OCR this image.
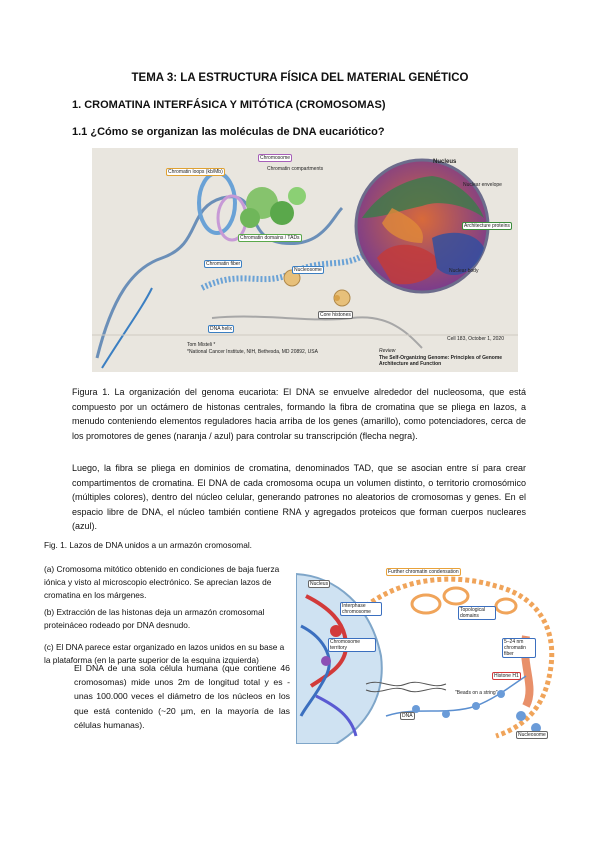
TEMA 3: LA ESTRUCTURA FÍSICA DEL MATERIAL GENÉTICO
1. CROMATINA INTERFÁSICA Y MITÓTICA (CROMOSOMAS)
1.1 ¿Cómo se organizan las moléculas de DNA eucariótico?
Chromosome
Chromatin compartments
Nucleus
Nuclear envelope
Architecture proteins
Nuclear body
Chromatin loops (kb/Mb)
Chromatin domains / TADs
Chromatin fiber
Nucleosome
Core histones
DNA helix
Tom Misteli *
*National Cancer Institute, NIH, Bethesda, MD 20892, USA
Cell 183, October 1, 2020
Review
The Self-Organizing Genome: Principles of Genome Architecture and Function
Figura 1. La organización del genoma eucariota: El DNA se envuelve alrededor del nucleosoma, que está compuesto por un octámero de histonas centrales, formando la fibra de cromatina que se pliega en lazos, a menudo conteniendo elementos reguladores hacia arriba de los genes (amarillo), como potenciadores, cerca de los promotores de genes (naranja / azul) para controlar su transcripción (flecha negra).
Luego, la fibra se pliega en dominios de cromatina, denominados TAD, que se asocian entre sí para crear compartimentos de cromatina. El DNA de cada cromosoma ocupa un volumen distinto, o territorio cromosómico (múltiples colores), dentro del núcleo celular, generando patrones no aleatorios de cromosomas y genes. En el espacio libre de DNA, el núcleo también contiene RNA y agregados proteicos que forman cuerpos nucleares (azul).
Fig. 1. Lazos de DNA unidos a un armazón cromosomal.
(a) Cromosoma mitótico obtenido en condiciones de baja fuerza iónica y visto al microscopio electrónico. Se aprecian lazos de cromatina en los márgenes.
(b) Extracción de las histonas deja un armazón cromosomal proteináceo rodeado por DNA desnudo.
(c) El DNA parece estar organizado en lazos unidos en su base a la plataforma (en la parte superior de la esquina izquierda)
El DNA de una sola célula humana (que contiene 46 cromosomas) mide unos 2m de longitud total y es - unas 100.000 veces el diámetro de los núcleos en los que está contenido (~20 µm, en la mayoría de las células humanas).
Further chromatin condensation
Nucleus
Interphase chromosome
Chromosome territory
Topological domains
5–24 nm chromatin fiber
Histone H1
"Beads on a string"
DNA
Nucleosome
